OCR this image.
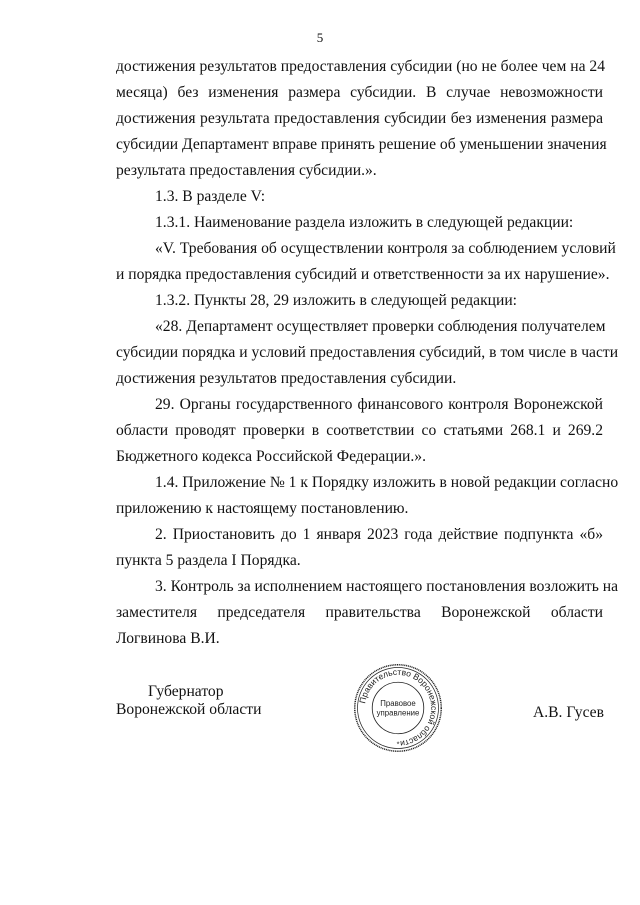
5
достижения результатов предоставления субсидии (но не более чем на 24
месяца) без изменения размера субсидии. В случае невозможности
достижения результата предоставления субсидии без изменения размера
субсидии Департамент вправе принять решение об уменьшении значения
результата предоставления субсидии.».
1.3. В разделе V:
1.3.1. Наименование раздела изложить в следующей редакции:
«V. Требования об осуществлении контроля за соблюдением условий
и порядка предоставления субсидий и ответственности за их нарушение».
1.3.2. Пункты 28, 29 изложить в следующей редакции:
«28. Департамент осуществляет проверки соблюдения получателем
субсидии порядка и условий предоставления субсидий, в том числе в части
достижения результатов предоставления субсидии.
29. Органы государственного финансового контроля Воронежской
области проводят проверки в соответствии со статьями 268.1 и 269.2
Бюджетного кодекса Российской Федерации.».
1.4. Приложение № 1 к Порядку изложить в новой редакции согласно
приложению к настоящему постановлению.
2. Приостановить до 1 января 2023 года действие подпункта «б»
пункта 5 раздела I Порядка.
3. Контроль за исполнением настоящего постановления возложить на
заместителя председателя правительства Воронежской области
Логвинова В.И.
Губернатор
Воронежской области	А.В. Гусев
Правительство Воронежской области
Правовое
управление
*
